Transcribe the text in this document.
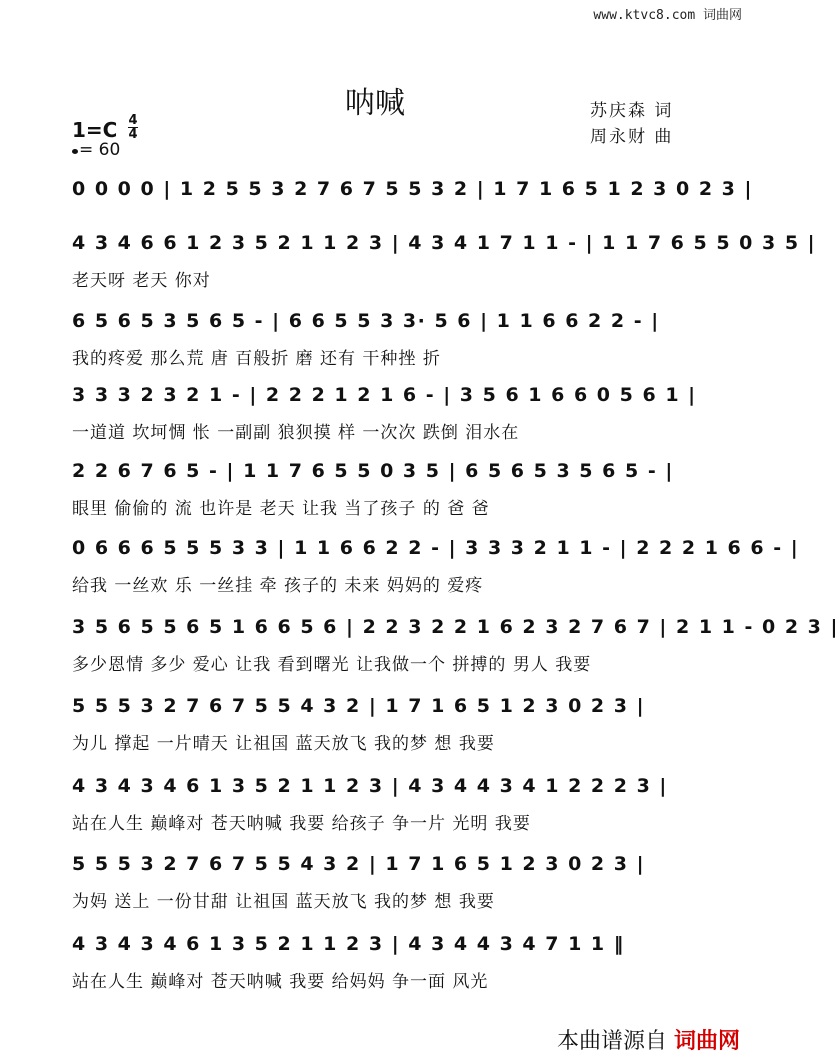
www.ktvc8.com 词曲网
呐喊	苏庆森 词
周永财 曲
1=C 4
4
= 60
0 0 0 0 | 1 2 5 5 3 2 7 6 7 5 5 3 2 | 1 7 1 6 5 1 2 3 0 2 3 |
4 3 4 6 6 1 2 3 5 2 1 1 2 3 | 4 3 4 1 7 1 1 - | 1 1 7 6 5 5 0 3 5 |
老天呀 老天 你对
6 5 6 5 3 5 6 5 - | 6 6 5 5 3 3· 5 6 | 1 1 6 6 2 2 - |
我的疼爱 那么荒 唐 百般折 磨 还有 干种挫 折
3 3 3 2 3 2 1 - | 2 2 2 1 2 1 6 - | 3 5 6 1 6 6 0 5 6 1 |
一道道 坎坷惆 怅 一副副 狼狈摸 样 一次次 跌倒 泪水在
2 2 6 7 6 5 - | 1 1 7 6 5 5 0 3 5 | 6 5 6 5 3 5 6 5 - |
眼里 偷偷的 流 也许是 老天 让我 当了孩子 的 爸 爸
0 6 6 6 5 5 5 3 3 | 1 1 6 6 2 2 - | 3 3 3 2 1 1 - | 2 2 2 1 6 6 - |
给我 一丝欢 乐 一丝挂 牵 孩子的 未来 妈妈的 爱疼
3 5 6 5 5 6 5 1 6 6 5 6 | 2 2 3 2 2 1 6 2 3 2 7 6 7 | 2 1 1 - 0 2 3 |
多少恩情 多少 爱心 让我 看到曙光 让我做一个 拼搏的 男人 我要
5 5 5 3 2 7 6 7 5 5 4 3 2 | 1 7 1 6 5 1 2 3 0 2 3 |
为儿 撑起 一片晴天 让祖国 蓝天放飞 我的梦 想 我要
4 3 4 3 4 6 1 3 5 2 1 1 2 3 | 4 3 4 4 3 4 1 2 2 2 3 |
站在人生 巅峰对 苍天呐喊 我要 给孩子 争一片 光明 我要
5 5 5 3 2 7 6 7 5 5 4 3 2 | 1 7 1 6 5 1 2 3 0 2 3 |
为妈 送上 一份甘甜 让祖国 蓝天放飞 我的梦 想 我要
4 3 4 3 4 6 1 3 5 2 1 1 2 3 | 4 3 4 4 3 4 7 1 1 ‖
站在人生 巅峰对 苍天呐喊 我要 给妈妈 争一面 风光
本曲谱源自 词曲网
